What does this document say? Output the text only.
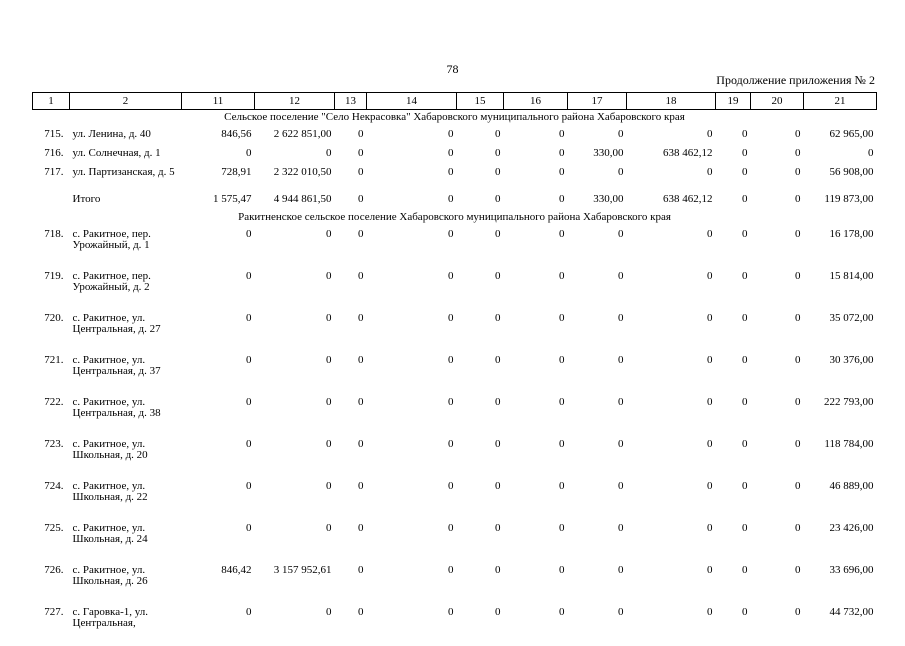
78
Продолжение приложения № 2
1	2	11	12	13	14	15	16	17	18	19	20	21
Сельское поселение "Село Некрасовка" Хабаровского муниципального района Хабаровского края												
715.	ул. Ленина, д. 40	846,56	2 622 851,00	0	0	0	0	0	0	0	0	62 965,00
716.	ул. Солнечная, д. 1	0	0	0	0	0	0	330,00	638 462,12	0	0	0
717.	ул. Партизанская, д. 5	728,91	2 322 010,50	0	0	0	0	0	0	0	0	56 908,00
	Итого	1 575,47	4 944 861,50	0	0	0	0	330,00	638 462,12	0	0	119 873,00
Ракитненское сельское поселение Хабаровского муниципального района Хабаровского края												
718.	с. Ракитное, пер. Урожайный, д. 1	0	0	0	0	0	0	0	0	0	0	16 178,00
719.	с. Ракитное, пер. Урожайный, д. 2	0	0	0	0	0	0	0	0	0	0	15 814,00
720.	с. Ракитное, ул. Центральная, д. 27	0	0	0	0	0	0	0	0	0	0	35 072,00
721.	с. Ракитное, ул. Центральная, д. 37	0	0	0	0	0	0	0	0	0	0	30 376,00
722.	с. Ракитное, ул. Центральная, д. 38	0	0	0	0	0	0	0	0	0	0	222 793,00
723.	с. Ракитное, ул. Школьная, д. 20	0	0	0	0	0	0	0	0	0	0	118 784,00
724.	с. Ракитное, ул. Школьная, д. 22	0	0	0	0	0	0	0	0	0	0	46 889,00
725.	с. Ракитное, ул. Школьная, д. 24	0	0	0	0	0	0	0	0	0	0	23 426,00
726.	с. Ракитное, ул. Школьная, д. 26	846,42	3 157 952,61	0	0	0	0	0	0	0	0	33 696,00
727.	с. Гаровка-1, ул. Центральная,	0	0	0	0	0	0	0	0	0	0	44 732,00
